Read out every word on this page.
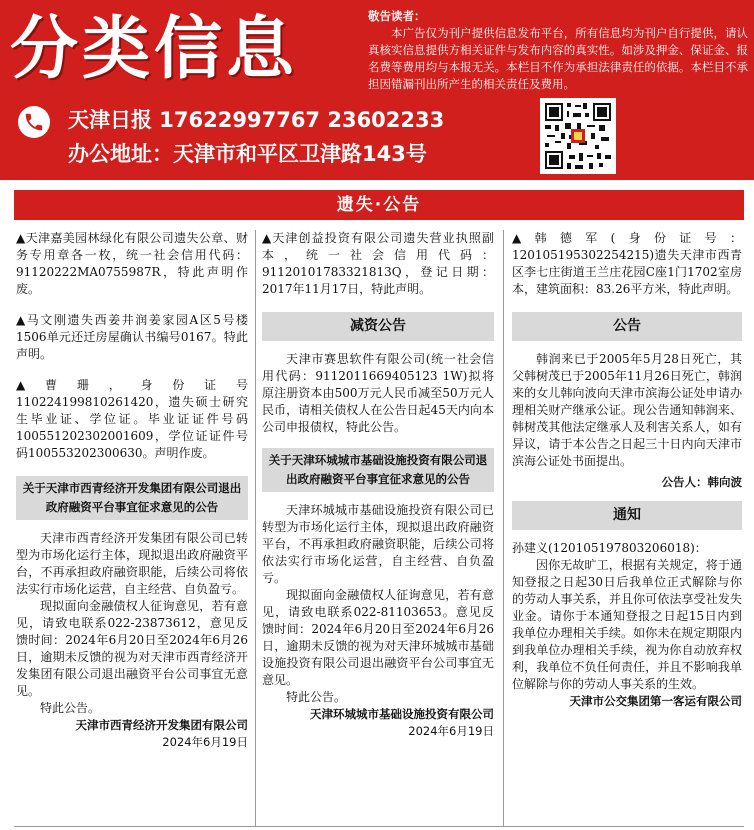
分类信息	敬告读者：
本广告仅为刊户提供信息发布平台，所有信息均为刊户自行提供，请认真核实信息提供方相关证件与发布内容的真实性。如涉及押金、保证金、报名费等费用均与本报无关。本栏目不作为承担法律责任的依据。本栏目不承担因错漏刊出所产生的相关责任及费用。
天津日报 17622997767 23602233
办公地址：天津市和平区卫津路143号
遗失·公告
▲天津嘉美园林绿化有限公司遗失公章、财务专用章各一枚，统一社会信用代码：91120222MA0755987R，特此声明作废。
▲马文刚遗失西姜井润姜家园A区5号楼1506单元还迁房屋确认书编号0167。特此声明。
▲曹珊，身份证号110224199810261420，遗失硕士研究生毕业证、学位证。毕业证证件号码100551202302001609，学位证证件号码100553202300630。声明作废。
关于天津市西青经济开发集团有限公司退出政府融资平台事宜征求意见的公告
天津市西青经济开发集团有限公司已转型为市场化运行主体，现拟退出政府融资平台，不再承担政府融资职能，后续公司将依法实行市场化运营，自主经营、自负盈亏。
现拟面向金融债权人征询意见，若有意见，请致电联系022-23873612，意见反馈时间：2024年6月20日至2024年6月26日，逾期未反馈的视为对天津市西青经济开发集团有限公司退出融资平台公司事宜无意见。
特此公告。
天津市西青经济开发集团有限公司
2024年6月19日
▲天津创益投资有限公司遗失营业执照副本，统一社会信用代码：91120101783321813Q，登记日期：2017年11月17日，特此声明。
减资公告
天津市赛思软件有限公司(统一社会信用代码：9112011669405123 1W)拟将原注册资本由500万元人民币减至50万元人民币，请相关债权人在公告日起45天内向本公司申报债权，特此公告。
关于天津环城城市基础设施投资有限公司退出政府融资平台事宜征求意见的公告
天津环城城市基础设施投资有限公司已转型为市场化运行主体，现拟退出政府融资平台，不再承担政府融资职能，后续公司将依法实行市场化运营，自主经营、自负盈亏。
现拟面向金融债权人征询意见，若有意见，请致电联系022-81103653。意见反馈时间：2024年6月20日至2024年6月26日，逾期未反馈的视为对天津环城城市基础设施投资有限公司退出融资平台公司事宜无意见。
特此公告。
天津环城城市基础设施投资有限公司
2024年6月19日
▲韩德军(身份证号：120105195302254215)遗失天津市西青区李七庄街道王兰庄花园C座1门1702室房本，建筑面积：83.26平方米，特此声明。
公告
韩润来已于2005年5月28日死亡，其父韩树茂已于2005年11月26日死亡，韩润来的女儿韩向波向天津市滨海公证处申请办理相关财产继承公证。现公告通知韩润来、韩树茂其他法定继承人及利害关系人，如有异议，请于本公告之日起三十日内向天津市滨海公证处书面提出。
公告人：韩向波
通知
孙建义(120105197803206018)：
因你无故旷工，根据有关规定，将于通知登报之日起30日后我单位正式解除与你的劳动人事关系，并且你可依法享受社发失业金。请你于本通知登报之日起15日内到我单位办理相关手续。如你未在规定期限内到我单位办理相关手续，视为你自动放弃权利，我单位不负任何责任，并且不影响我单位解除与你的劳动人事关系的生效。
天津市公交集团第一客运有限公司
